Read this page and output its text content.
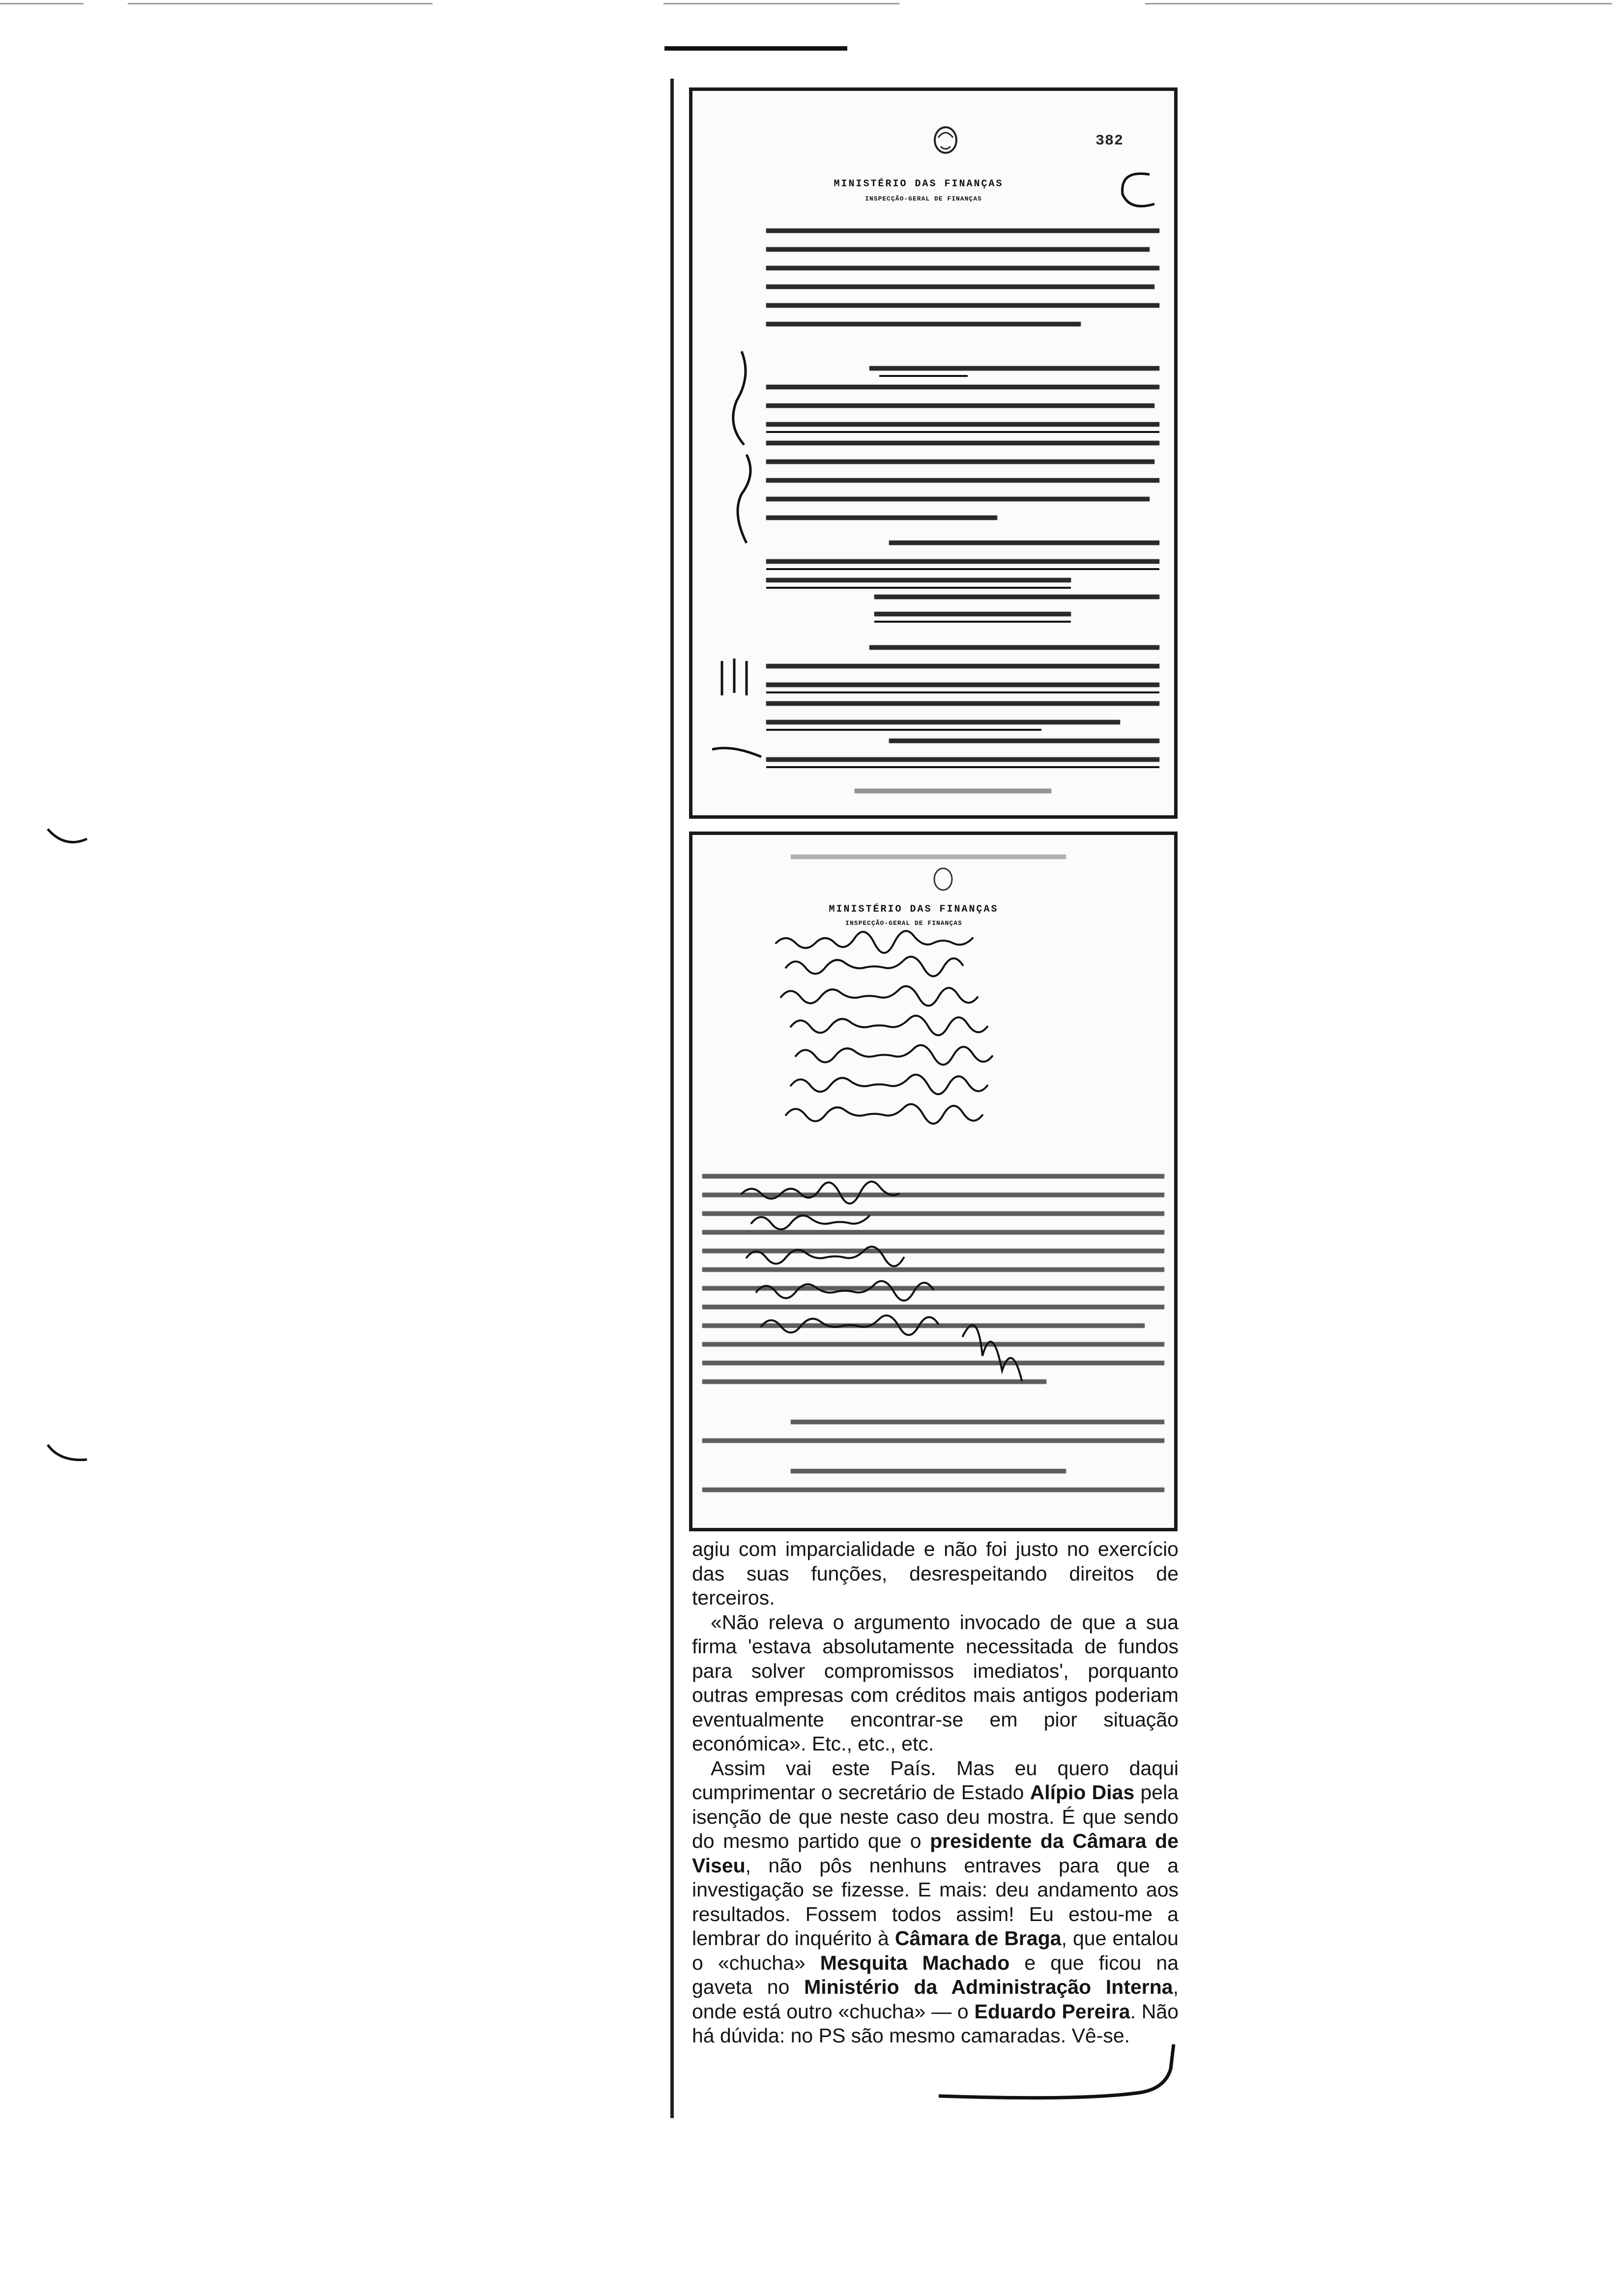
382
MINISTÉRIO DAS FINANÇAS
INSPECÇÃO-GERAL DE FINANÇAS
MINISTÉRIO DAS FINANÇAS
INSPECÇÃO-GERAL DE FINANÇAS

agiu com imparcialidade e não foi justo no exercício das suas funções, desrespeitando direitos de terceiros.

«Não releva o argumento invocado de que a sua firma 'estava absolutamente necessitada de fundos para solver compromissos imediatos', porquanto outras empresas com créditos mais antigos poderiam eventualmente encontrar-se em pior situação económica». Etc., etc., etc.

Assim vai este País. Mas eu quero daqui cumprimentar o secretário de Estado Alípio Dias pela isenção de que neste caso deu mostra. É que sendo do mesmo partido que o presidente da Câmara de Viseu, não pôs nenhuns entraves para que a investigação se fizesse. E mais: deu andamento aos resultados. Fossem todos assim! Eu estou-me a lembrar do inquérito à Câmara de Braga, que entalou o «chucha» Mesquita Machado e que ficou na gaveta no Ministério da Administração Interna, onde está outro «chucha» — o Eduardo Pereira. Não há dúvida: no PS são mesmo camaradas. Vê-se.
